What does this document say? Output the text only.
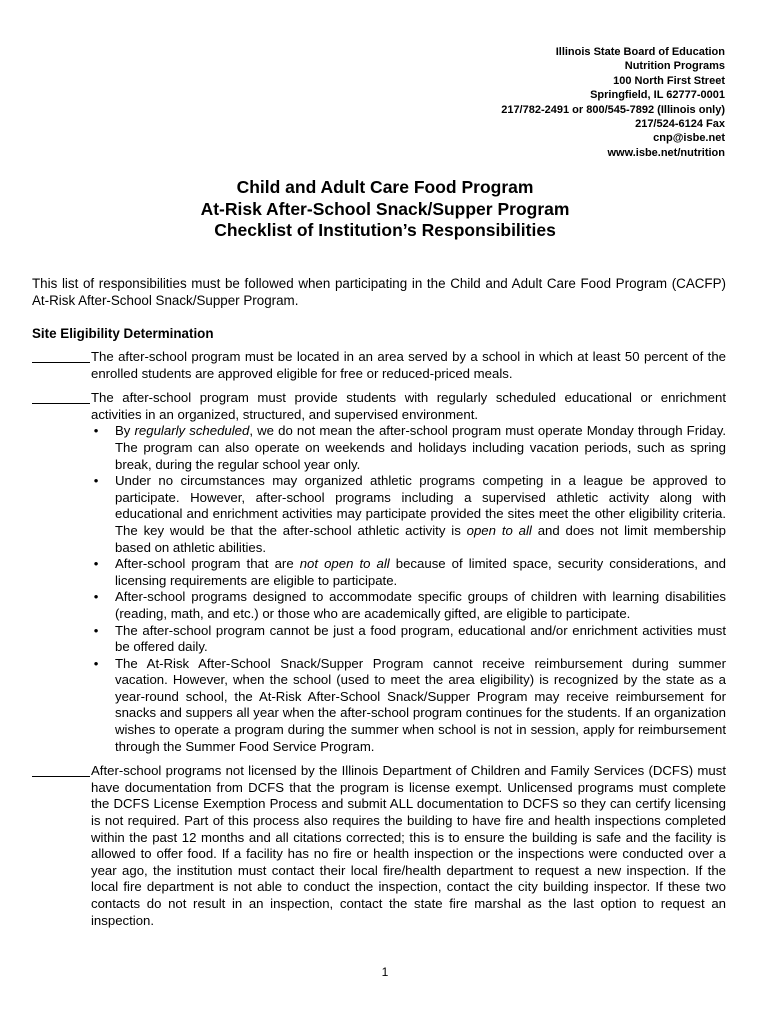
Illinois State Board of Education
Nutrition Programs
100 North First Street
Springfield, IL 62777-0001
217/782-2491 or 800/545-7892 (Illinois only)
217/524-6124 Fax
cnp@isbe.net
www.isbe.net/nutrition
Child and Adult Care Food Program
At-Risk After-School Snack/Supper Program
Checklist of Institution’s Responsibilities

This list of responsibilities must be followed when participating in the Child and Adult Care Food Program (CACFP) At-Risk After-School Snack/Supper Program.

Site Eligibility Determination
The after-school program must be located in an area served by a school in which at least 50 percent of the enrolled students are approved eligible for free or reduced-priced meals.
The after-school program must provide students with regularly scheduled educational or enrichment activities in an organized, structured, and supervised environment.
• By regularly scheduled, we do not mean the after-school program must operate Monday through Friday. The program can also operate on weekends and holidays including vacation periods, such as spring break, during the regular school year only.
• Under no circumstances may organized athletic programs competing in a league be approved to participate. However, after-school programs including a supervised athletic activity along with educational and enrichment activities may participate provided the sites meet the other eligibility criteria. The key would be that the after-school athletic activity is open to all and does not limit membership based on athletic abilities.
• After-school program that are not open to all because of limited space, security considerations, and licensing requirements are eligible to participate.
• After-school programs designed to accommodate specific groups of children with learning disabilities (reading, math, and etc.) or those who are academically gifted, are eligible to participate.
• The after-school program cannot be just a food program, educational and/or enrichment activities must be offered daily.
• The At-Risk After-School Snack/Supper Program cannot receive reimbursement during summer vacation. However, when the school (used to meet the area eligibility) is recognized by the state as a year-round school, the At-Risk After-School Snack/Supper Program may receive reimbursement for snacks and suppers all year when the after-school program continues for the students. If an organization wishes to operate a program during the summer when school is not in session, apply for reimbursement through the Summer Food Service Program.
After-school programs not licensed by the Illinois Department of Children and Family Services (DCFS) must have documentation from DCFS that the program is license exempt. Unlicensed programs must complete the DCFS License Exemption Process and submit ALL documentation to DCFS so they can certify licensing is not required. Part of this process also requires the building to have fire and health inspections completed within the past 12 months and all citations corrected; this is to ensure the building is safe and the facility is allowed to offer food. If a facility has no fire or health inspection or the inspections were conducted over a year ago, the institution must contact their local fire/health department to request a new inspection. If the local fire department is not able to conduct the inspection, contact the city building inspector. If these two contacts do not result in an inspection, contact the state fire marshal as the last option to request an inspection.
1
